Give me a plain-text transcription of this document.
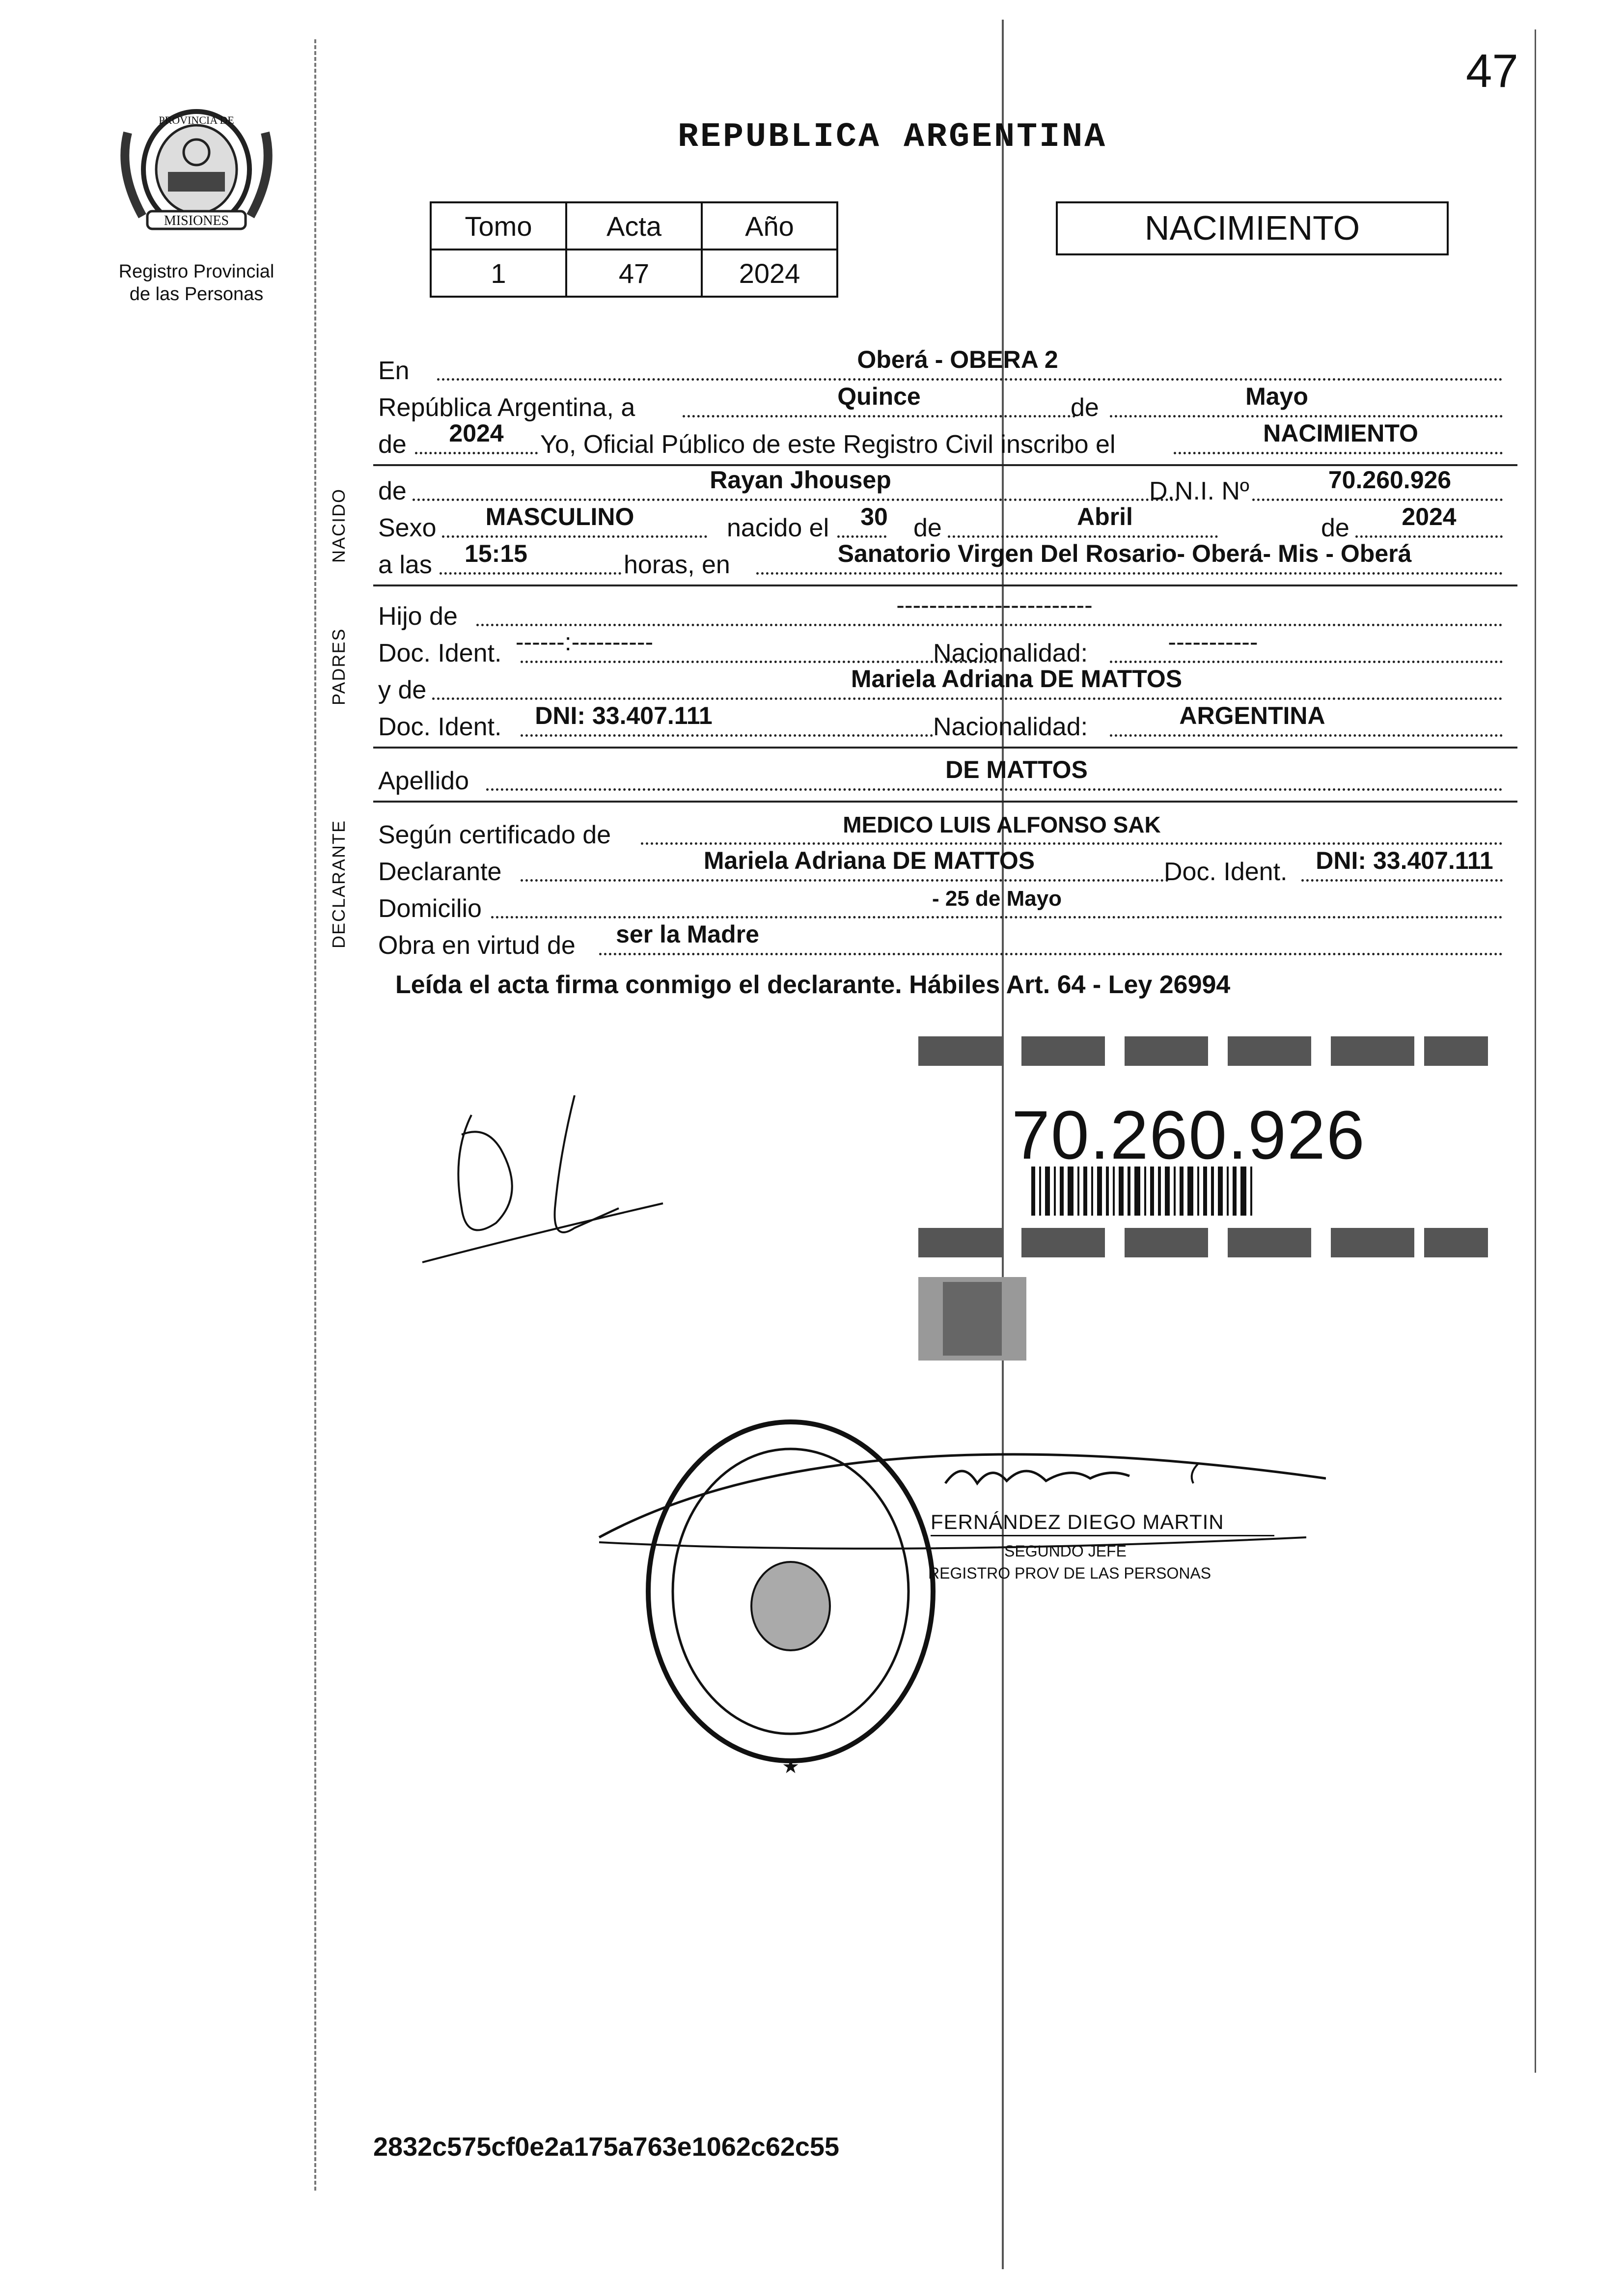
47
MISIONES
PROVINCIA DE
Registro Provincial
de las Personas
REPUBLICA ARGENTINA
Tomo	Acta	Año
1	47	2024
NACIMIENTO
En	Oberá - OBERA 2
República Argentina, a	Quince	de	Mayo
de 2024 Yo, Oficial Público de este Registro Civil inscribo el	NACIMIENTO
NACIDO de	Rayan Jhousep	D.N.I. Nº	70.260.926
Sexo MASCULINO	nacido el 30 de	Abril	de 2024
a las 15:15	horas, en	Sanatorio Virgen Del Rosario- Oberá- Mis - Oberá
PADRES
Hijo de	------------------------
Doc. Ident. ------:----------	Nacionalidad:	-----------
y de	Mariela Adriana DE MATTOS
Doc. Ident. DNI: 33.407.111	Nacionalidad:	ARGENTINA
Apellido	DE MATTOS
DECLARANTE Según certificado de	MEDICO LUIS ALFONSO SAK
Declarante	Mariela Adriana DE MATTOS	Doc. Ident. DNI: 33.407.111
Domicilio	- 25 de Mayo
Obra en virtud de ser la Madre
Leída el acta firma conmigo el declarante. Hábiles Art. 64 - Ley 26994
70.260.926
★
FERNÁNDEZ DIEGO MARTIN
SEGUNDO JEFE
REGISTRO PROV DE LAS PERSONAS
2832c575cf0e2a175a763e1062c62c55
